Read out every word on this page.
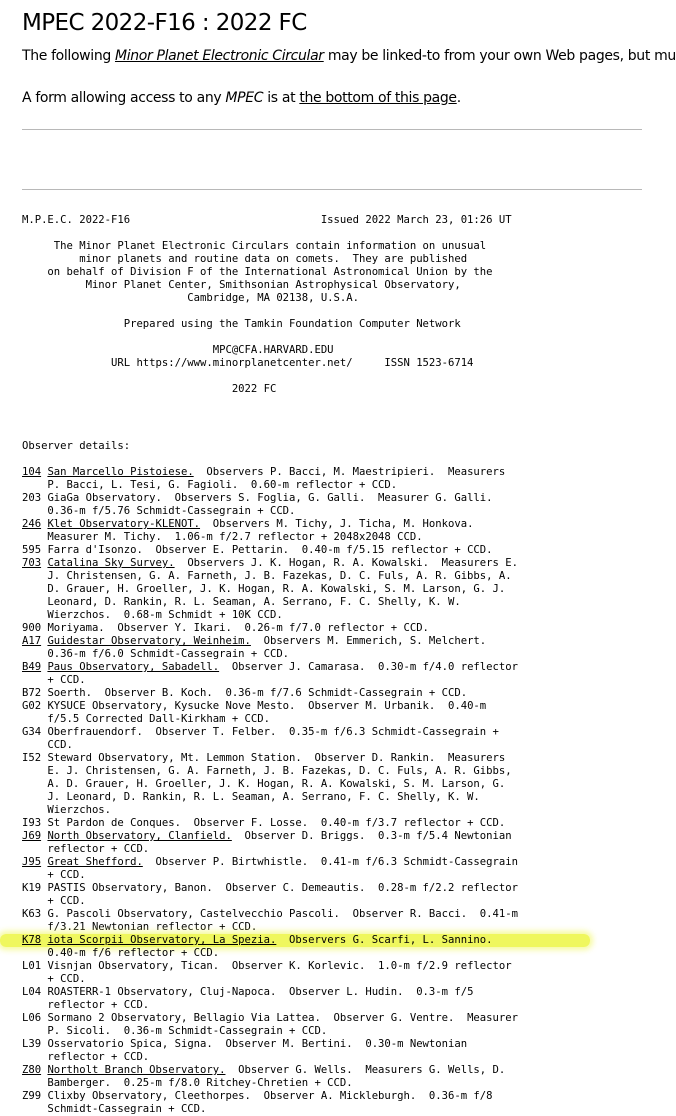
MPEC 2022-F16 : 2022 FC

The following Minor Planet Electronic Circular may be linked-to from your own Web pages, but mu

A form allowing access to any MPEC is at the bottom of this page.

M.P.E.C. 2022-F16                              Issued 2022 March 23, 01:26 UT
The Minor Planet Electronic Circulars contain information on unusual
minor planets and routine data on comets.  They are published
on behalf of Division F of the International Astronomical Union by the
Minor Planet Center, Smithsonian Astrophysical Observatory,
Cambridge, MA 02138, U.S.A.
Prepared using the Tamkin Foundation Computer Network
MPC@CFA.HARVARD.EDU
URL https://www.minorplanetcenter.net/     ISSN 1523-6714
2022 FC

Observer details:

104 San Marcello Pistoiese.  Observers P. Bacci, M. Maestripieri.  Measurers
P. Bacci, L. Tesi, G. Fagioli.  0.60-m reflector + CCD.
203 GiaGa Observatory.  Observers S. Foglia, G. Galli.  Measurer G. Galli.
0.36-m f/5.76 Schmidt-Cassegrain + CCD.
246 Klet Observatory-KLENOT.  Observers M. Tichy, J. Ticha, M. Honkova.
Measurer M. Tichy.  1.06-m f/2.7 reflector + 2048x2048 CCD.
595 Farra d'Isonzo.  Observer E. Pettarin.  0.40-m f/5.15 reflector + CCD.
703 Catalina Sky Survey.  Observers J. K. Hogan, R. A. Kowalski.  Measurers E.
J. Christensen, G. A. Farneth, J. B. Fazekas, D. C. Fuls, A. R. Gibbs, A.
D. Grauer, H. Groeller, J. K. Hogan, R. A. Kowalski, S. M. Larson, G. J.
Leonard, D. Rankin, R. L. Seaman, A. Serrano, F. C. Shelly, K. W.
Wierzchos.  0.68-m Schmidt + 10K CCD.
900 Moriyama.  Observer Y. Ikari.  0.26-m f/7.0 reflector + CCD.
A17 Guidestar Observatory, Weinheim.  Observers M. Emmerich, S. Melchert.
0.36-m f/6.0 Schmidt-Cassegrain + CCD.
B49 Paus Observatory, Sabadell.  Observer J. Camarasa.  0.30-m f/4.0 reflector
+ CCD.
B72 Soerth.  Observer B. Koch.  0.36-m f/7.6 Schmidt-Cassegrain + CCD.
G02 KYSUCE Observatory, Kysucke Nove Mesto.  Observer M. Urbanik.  0.40-m
f/5.5 Corrected Dall-Kirkham + CCD.
G34 Oberfrauendorf.  Observer T. Felber.  0.35-m f/6.3 Schmidt-Cassegrain +
CCD.
I52 Steward Observatory, Mt. Lemmon Station.  Observer D. Rankin.  Measurers
E. J. Christensen, G. A. Farneth, J. B. Fazekas, D. C. Fuls, A. R. Gibbs,
A. D. Grauer, H. Groeller, J. K. Hogan, R. A. Kowalski, S. M. Larson, G.
J. Leonard, D. Rankin, R. L. Seaman, A. Serrano, F. C. Shelly, K. W.
Wierzchos.
I93 St Pardon de Conques.  Observer F. Losse.  0.40-m f/3.7 reflector + CCD.
J69 North Observatory, Clanfield.  Observer D. Briggs.  0.3-m f/5.4 Newtonian
reflector + CCD.
J95 Great Shefford.  Observer P. Birtwhistle.  0.41-m f/6.3 Schmidt-Cassegrain
+ CCD.
K19 PASTIS Observatory, Banon.  Observer C. Demeautis.  0.28-m f/2.2 reflector
+ CCD.
K63 G. Pascoli Observatory, Castelvecchio Pascoli.  Observer R. Bacci.  0.41-m
f/3.21 Newtonian reflector + CCD.
K78 iota Scorpii Observatory, La Spezia.  Observers G. Scarfi, L. Sannino.
0.40-m f/6 reflector + CCD.
L01 Visnjan Observatory, Tican.  Observer K. Korlevic.  1.0-m f/2.9 reflector
+ CCD.
L04 ROASTERR-1 Observatory, Cluj-Napoca.  Observer L. Hudin.  0.3-m f/5
reflector + CCD.
L06 Sormano 2 Observatory, Bellagio Via Lattea.  Observer G. Ventre.  Measurer
P. Sicoli.  0.36-m Schmidt-Cassegrain + CCD.
L39 Osservatorio Spica, Signa.  Observer M. Bertini.  0.30-m Newtonian
reflector + CCD.
Z80 Northolt Branch Observatory.  Observer G. Wells.  Measurers G. Wells, D.
Bamberger.  0.25-m f/8.0 Ritchey-Chretien + CCD.
Z99 Clixby Observatory, Cleethorpes.  Observer A. Mickleburgh.  0.36-m f/8
Schmidt-Cassegrain + CCD.
